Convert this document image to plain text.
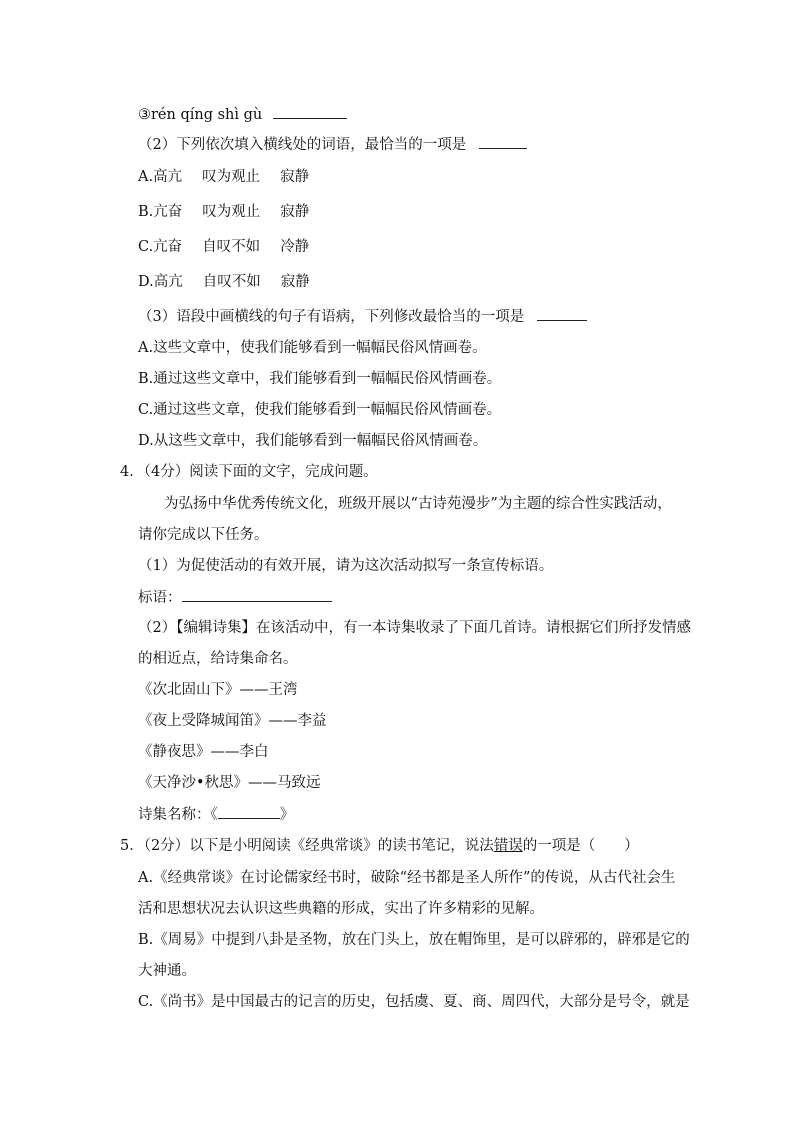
③rén qíng shì gù
（2）下列依次填入横线处的词语，最恰当的一项是
A.高亢 叹为观止 寂静
B.亢奋 叹为观止 寂静
C.亢奋 自叹不如 冷静
D.高亢 自叹不如 寂静
（3）语段中画横线的句子有语病，下列修改最恰当的一项是
A.这些文章中，使我们能够看到一幅幅民俗风情画卷。
B.通过这些文章中，我们能够看到一幅幅民俗风情画卷。
C.通过这些文章，使我们能够看到一幅幅民俗风情画卷。
D.从这些文章中，我们能够看到一幅幅民俗风情画卷。
4．（4分）阅读下面的文字，完成问题。
为弘扬中华优秀传统文化，班级开展以“古诗苑漫步”为主题的综合性实践活动，
请你完成以下任务。
（1）为促使活动的有效开展，请为这次活动拟写一条宣传标语。
标语：
（2）【编辑诗集】在该活动中，有一本诗集收录了下面几首诗。请根据它们所抒发情感
的相近点，给诗集命名。
《次北固山下》——王湾
《夜上受降城闻笛》——李益
《静夜思》——李白
《天净沙•秋思》——马致远
诗集名称：《	》
5．（2分）以下是小明阅读《经典常谈》的读书笔记，说法错误的一项是（　　）
A.《经典常谈》在讨论儒家经书时，破除“经书都是圣人所作”的传说，从古代社会生
活和思想状况去认识这些典籍的形成，实出了许多精彩的见解。
B.《周易》中提到八卦是圣物，放在门头上，放在帽饰里，是可以辟邪的，辟邪是它的
大神通。
C.《尚书》是中国最古的记言的历史，包括虞、夏、商、周四代，大部分是号令，就是
